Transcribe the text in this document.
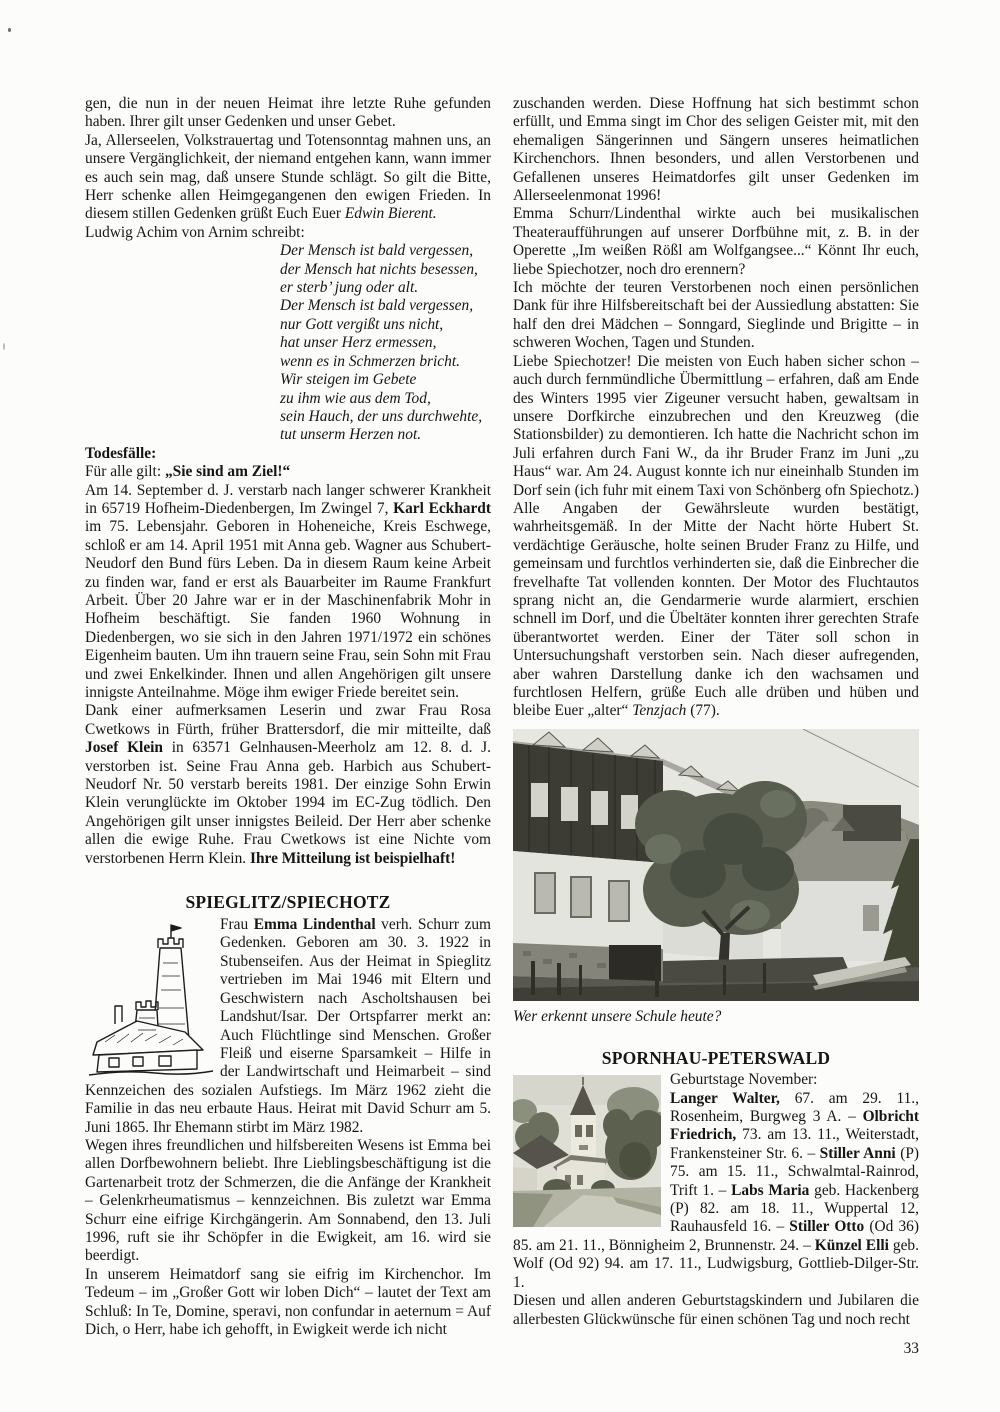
gen, die nun in der neuen Heimat ihre letzte Ruhe gefunden haben. Ihrer gilt unser Gedenken und unser Gebet.

Ja, Allerseelen, Volkstrauertag und Totensonntag mahnen uns, an unsere Vergänglichkeit, der niemand entgehen kann, wann immer es auch sein mag, daß unsere Stunde schlägt. So gilt die Bitte, Herr schenke allen Heimgegangenen den ewigen Frieden. In diesem stillen Gedenken grüßt Euch Euer Edwin Bierent.

Ludwig Achim von Arnim schreibt:

Der Mensch ist bald vergessen,
der Mensch hat nichts besessen,
er sterb’ jung oder alt.
Der Mensch ist bald vergessen,
nur Gott vergißt uns nicht,
hat unser Herz ermessen,
wenn es in Schmerzen bricht.
Wir steigen im Gebete
zu ihm wie aus dem Tod,
sein Hauch, der uns durchwehte,
tut unserm Herzen not.

Todesfälle:

Für alle gilt: „Sie sind am Ziel!“

Am 14. September d. J. verstarb nach langer schwerer Krankheit in 65719 Hofheim-Diedenbergen, Im Zwingel 7, Karl Eckhardt im 75. Lebensjahr. Geboren in Hoheneiche, Kreis Eschwege, schloß er am 14. April 1951 mit Anna geb. Wagner aus Schubert-Neudorf den Bund fürs Leben. Da in diesem Raum keine Arbeit zu finden war, fand er erst als Bauarbeiter im Raume Frankfurt Arbeit. Über 20 Jahre war er in der Maschinenfabrik Mohr in Hofheim beschäftigt. Sie fanden 1960 Wohnung in Diedenbergen, wo sie sich in den Jahren 1971/1972 ein schönes Eigenheim bauten. Um ihn trauern seine Frau, sein Sohn mit Frau und zwei Enkelkinder. Ihnen und allen Angehörigen gilt unsere innigste Anteilnahme. Möge ihm ewiger Friede bereitet sein.

Dank einer aufmerksamen Leserin und zwar Frau Rosa Cwetkows in Fürth, früher Brattersdorf, die mir mitteilte, daß Josef Klein in 63571 Gelnhausen-Meerholz am 12. 8. d. J. verstorben ist. Seine Frau Anna geb. Harbich aus Schubert-Neudorf Nr. 50 verstarb bereits 1981. Der einzige Sohn Erwin Klein verunglückte im Oktober 1994 im EC-Zug tödlich. Den Angehörigen gilt unser innigstes Beileid. Der Herr aber schenke allen die ewige Ruhe. Frau Cwetkows ist eine Nichte vom verstorbenen Herrn Klein. Ihre Mitteilung ist beispielhaft!

SPIEGLITZ/SPIECHOTZ

Frau Emma Lindenthal verh. Schurr zum Gedenken. Geboren am 30. 3. 1922 in Stubenseifen. Aus der Heimat in Spieglitz vertrieben im Mai 1946 mit Eltern und Geschwistern nach Ascholtshausen bei Landshut/Isar. Der Ortspfarrer merkt an: Auch Flüchtlinge sind Menschen. Großer Fleiß und eiserne Sparsamkeit – Hilfe in der Landwirtschaft und Heimarbeit – sind Kennzeichen des sozialen Aufstiegs. Im März 1962 zieht die Familie in das neu erbaute Haus. Heirat mit David Schurr am 5. Juni 1865. Ihr Ehemann stirbt im März 1982.

Wegen ihres freundlichen und hilfsbereiten Wesens ist Emma bei allen Dorfbewohnern beliebt. Ihre Lieblingsbeschäftigung ist die Gartenarbeit trotz der Schmerzen, die die Anfänge der Krankheit – Gelenkrheumatismus – kennzeichnen. Bis zuletzt war Emma Schurr eine eifrige Kirchgängerin. Am Sonnabend, den 13. Juli 1996, ruft sie ihr Schöpfer in die Ewigkeit, am 16. wird sie beerdigt.

In unserem Heimatdorf sang sie eifrig im Kirchenchor. Im Tedeum – im „Großer Gott wir loben Dich“ – lautet der Text am Schluß: In Te, Domine, speravi, non confundar in aeternum = Auf Dich, o Herr, habe ich gehofft, in Ewigkeit werde ich nicht

zuschanden werden. Diese Hoffnung hat sich bestimmt schon erfüllt, und Emma singt im Chor des seligen Geister mit, mit den ehemaligen Sängerinnen und Sängern unseres heimatlichen Kirchenchors. Ihnen besonders, und allen Verstorbenen und Gefallenen unseres Heimatdorfes gilt unser Gedenken im Allerseelenmonat 1996!

Emma Schurr/Lindenthal wirkte auch bei musikalischen Theateraufführungen auf unserer Dorfbühne mit, z. B. in der Operette „Im weißen Rößl am Wolfgangsee...“ Könnt Ihr euch, liebe Spiechotzer, noch dro erennern?

Ich möchte der teuren Verstorbenen noch einen persönlichen Dank für ihre Hilfsbereitschaft bei der Aussiedlung abstatten: Sie half den drei Mädchen – Sonngard, Sieglinde und Brigitte – in schweren Wochen, Tagen und Stunden.

Liebe Spiechotzer! Die meisten von Euch haben sicher schon – auch durch fernmündliche Übermittlung – erfahren, daß am Ende des Winters 1995 vier Zigeuner versucht haben, gewaltsam in unsere Dorfkirche einzubrechen und den Kreuzweg (die Stationsbilder) zu demontieren. Ich hatte die Nachricht schon im Juli erfahren durch Fani W., da ihr Bruder Franz im Juni „zu Haus“ war. Am 24. August konnte ich nur eineinhalb Stunden im Dorf sein (ich fuhr mit einem Taxi von Schönberg ofn Spiechotz.) Alle Angaben der Gewährsleute wurden bestätigt, wahrheitsgemäß. In der Mitte der Nacht hörte Hubert St. verdächtige Geräusche, holte seinen Bruder Franz zu Hilfe, und gemeinsam und furchtlos verhinderten sie, daß die Einbrecher die frevelhafte Tat vollenden konnten. Der Motor des Fluchtautos sprang nicht an, die Gendarmerie wurde alarmiert, erschien schnell im Dorf, und die Übeltäter konnten ihrer gerechten Strafe überantwortet werden. Einer der Täter soll schon in Untersuchungshaft verstorben sein. Nach dieser aufregenden, aber wahren Darstellung danke ich den wachsamen und furchtlosen Helfern, grüße Euch alle drüben und hüben und bleibe Euer „alter“ Tenzjach (77).

Wer erkennt unsere Schule heute?

SPORNHAU-PETERSWALD

Geburtstage November:

Langer Walter, 67. am 29. 11., Rosenheim, Burgweg 3 A. – Olbricht Friedrich, 73. am 13. 11., Weiterstadt, Frankensteiner Str. 6. – Stiller Anni (P) 75. am 15. 11., Schwalmtal-Rainrod, Trift 1. – Labs Maria geb. Hackenberg (P) 82. am 18. 11., Wuppertal 12, Rauhausfeld 16. – Stiller Otto (Od 36) 85. am 21. 11., Bönnigheim 2, Brunnenstr. 24. – Künzel Elli geb. Wolf (Od 92) 94. am 17. 11., Ludwigsburg, Gottlieb-Dilger-Str. 1.

Diesen und allen anderen Geburtstagskindern und Jubilaren die allerbesten Glückwünsche für einen schönen Tag und noch recht

33
